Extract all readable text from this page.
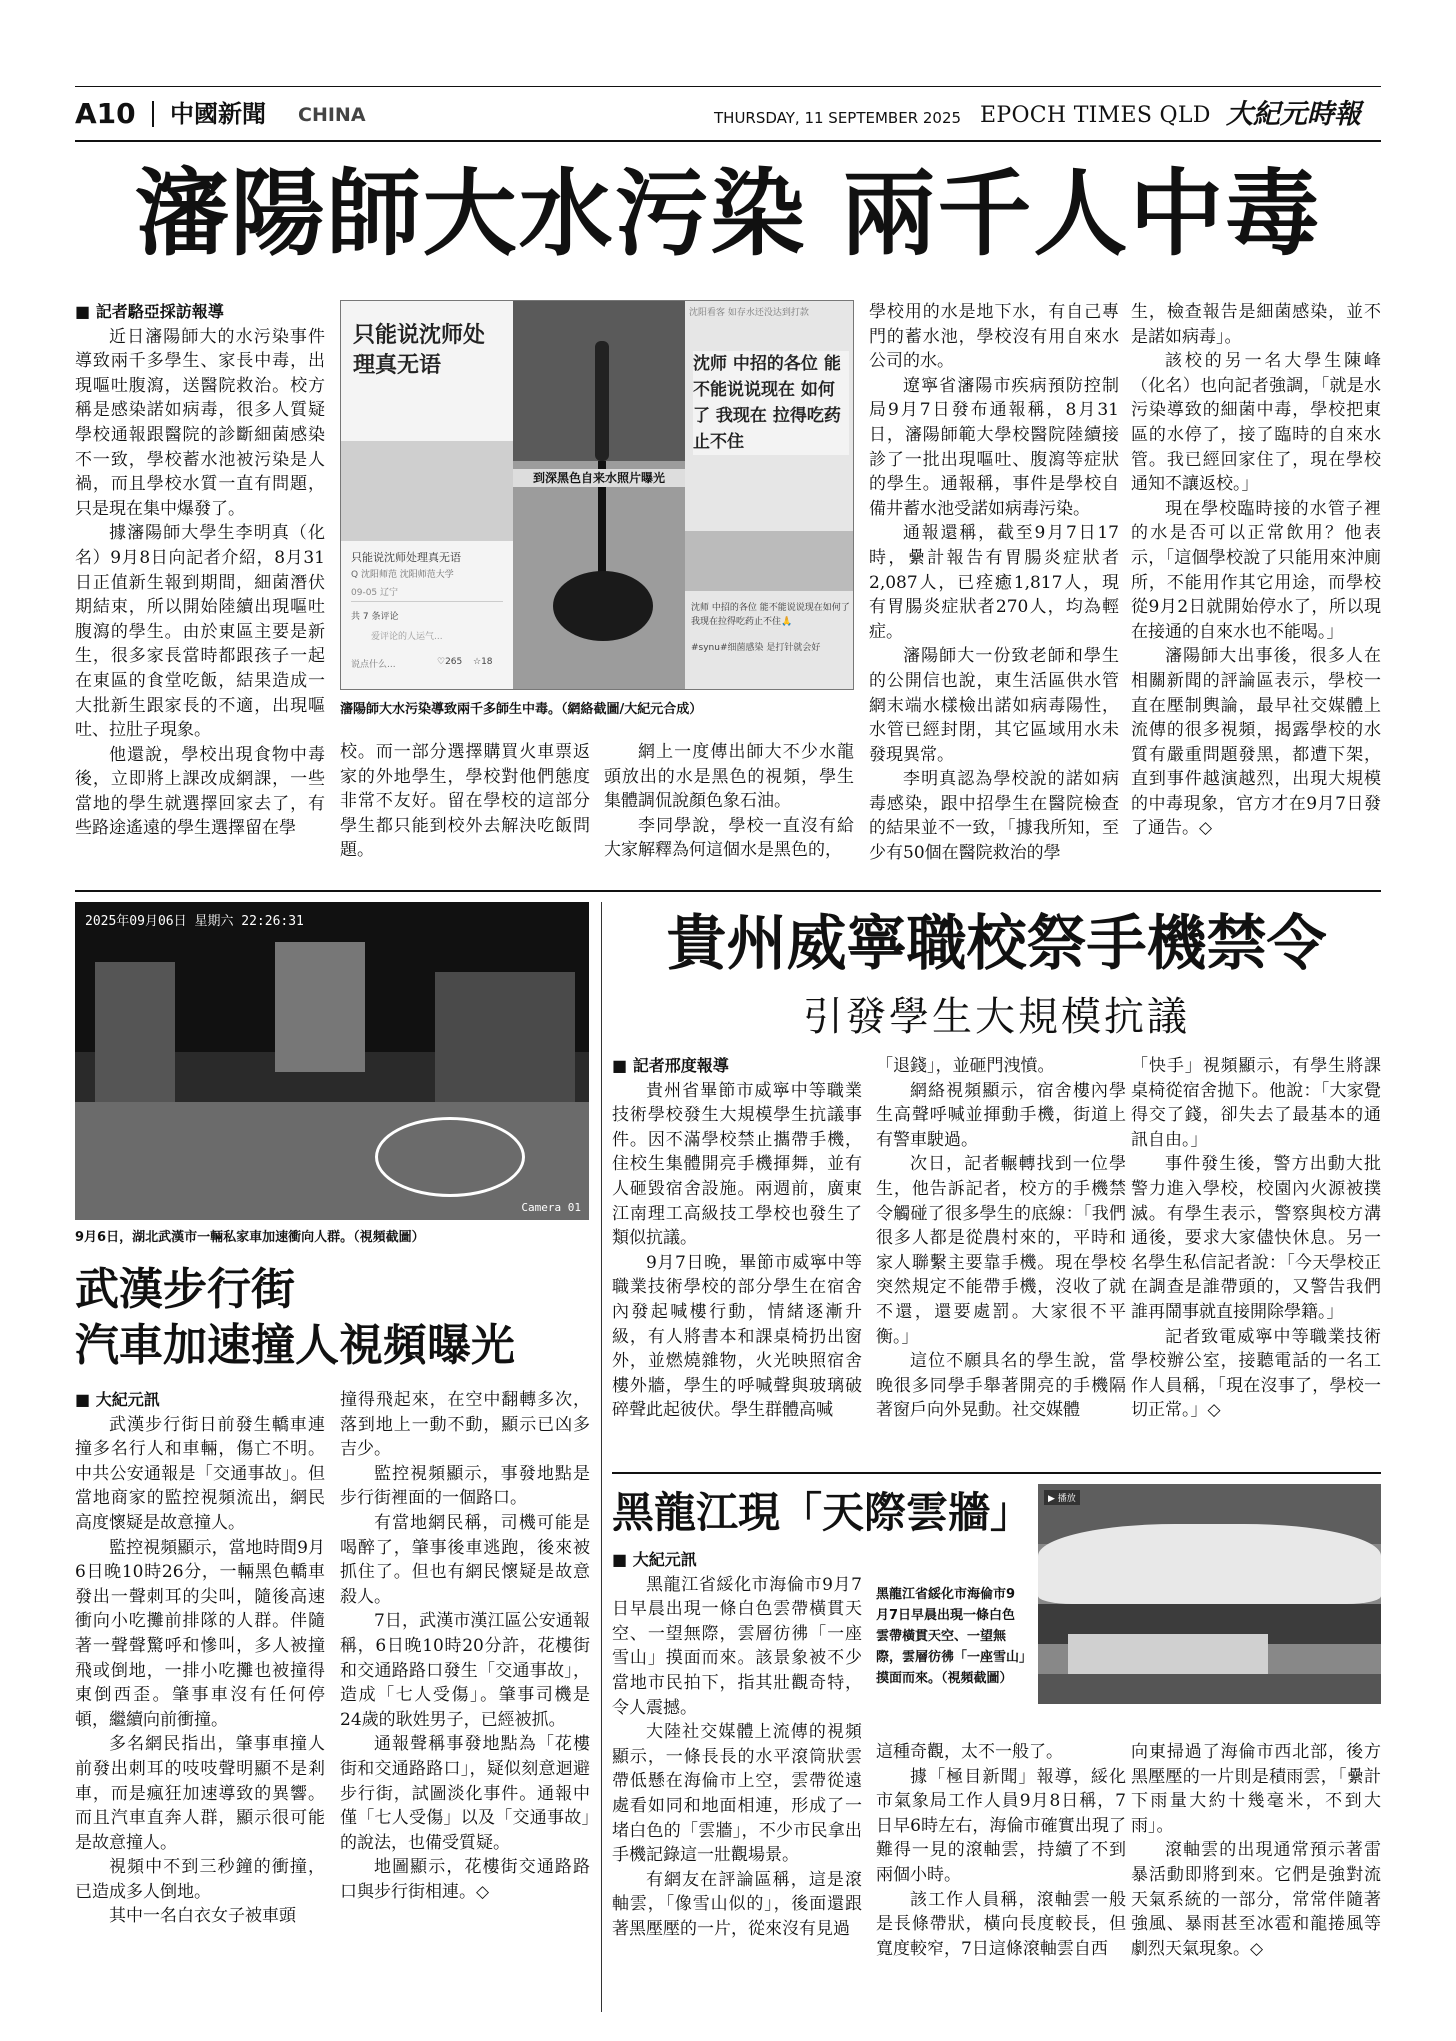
A10 中國新聞 CHINA	THURSDAY, 11 SEPTEMBER 2025 EPOCH TIMES QLD 大紀元時報
瀋陽師大水污染 兩千人中毒

■ 記者駱亞採訪報導

近日瀋陽師大的水污染事件導致兩千多學生、家長中毒，出現嘔吐腹瀉，送醫院救治。校方稱是感染諾如病毒，很多人質疑學校通報跟醫院的診斷細菌感染不一致，學校蓄水池被污染是人禍，而且學校水質一直有問題，只是現在集中爆發了。

據瀋陽師大學生李明真（化名）9月8日向記者介紹，8月31日正值新生報到期間，細菌潛伏期結束，所以開始陸續出現嘔吐腹瀉的學生。由於東區主要是新生，很多家長當時都跟孩子一起在東區的食堂吃飯，結果造成一大批新生跟家長的不適，出現嘔吐、拉肚子現象。

他還說，學校出現食物中毒後，立即將上課改成網課，一些當地的學生就選擇回家去了，有些路途遙遠的學生選擇留在學

只能说沈师处理真无语
只能说沈师处理真无语
Q 沈阳师范 沈阳师范大学
09-05 辽宁
共 7 条评论
爱评论的人运气...
说点什么...	♡265 ☆18
到深黑色自来水照片曝光
沈阳看客 如存水还没达到打款
沈师 中招的各位 能不能说说现在 如何了 我现在 拉得吃药止不住
沈师 中招的各位 能不能说说现在如何了 我现在拉得吃药止不住🙏
#synu#细菌感染 是打针就会好
瀋陽師大水污染導致兩千多師生中毒。（網絡截圖/大紀元合成）

校。而一部分選擇購買火車票返家的外地學生，學校對他們態度非常不友好。留在學校的這部分學生都只能到校外去解決吃飯問題。

網上一度傳出師大不少水龍頭放出的水是黑色的視頻，學生集體調侃說顏色象石油。

李同學說，學校一直沒有給大家解釋為何這個水是黑色的，

學校用的水是地下水，有自己專門的蓄水池，學校沒有用自來水公司的水。

遼寧省瀋陽市疾病預防控制局9月7日發布通報稱，8月31日，瀋陽師範大學校醫院陸續接診了一批出現嘔吐、腹瀉等症狀的學生。通報稱，事件是學校自備井蓄水池受諾如病毒污染。

通報還稱，截至9月7日17時，纍計報告有胃腸炎症狀者2,087人，已痊癒1,817人，現有胃腸炎症狀者270人，均為輕症。

瀋陽師大一份致老師和學生的公開信也說，東生活區供水管網末端水樣檢出諾如病毒陽性，水管已經封閉，其它區域用水未發現異常。

李明真認為學校說的諾如病毒感染，跟中招學生在醫院檢查的結果並不一致，「據我所知，至少有50個在醫院救治的學

生，檢查報告是細菌感染，並不是諾如病毒」。

該校的另一名大學生陳峰（化名）也向記者強調，「就是水污染導致的細菌中毒，學校把東區的水停了，接了臨時的自來水管。我已經回家住了，現在學校通知不讓返校。」

現在學校臨時接的水管子裡的水是否可以正常飲用？他表示，「這個學校說了只能用來沖廁所，不能用作其它用途，而學校從9月2日就開始停水了，所以現在接通的自來水也不能喝。」

瀋陽師大出事後，很多人在相關新聞的評論區表示，學校一直在壓制輿論，最早社交媒體上流傳的很多視頻，揭露學校的水質有嚴重問題發黑，都遭下架，直到事件越演越烈，出現大規模的中毒現象，官方才在9月7日發了通告。◇

2025年09月06日 星期六 22:26:31
Camera 01
9月6日，湖北武漢市一輛私家車加速衝向人群。（視頻截圖）
武漢步行街
汽車加速撞人視頻曝光

■ 大紀元訊

武漢步行街日前發生轎車連撞多名行人和車輛，傷亡不明。中共公安通報是「交通事故」。但當地商家的監控視頻流出，網民高度懷疑是故意撞人。

監控視頻顯示，當地時間9月6日晚10時26分，一輛黑色轎車發出一聲刺耳的尖叫，隨後高速衝向小吃攤前排隊的人群。伴隨著一聲聲驚呼和慘叫，多人被撞飛或倒地，一排小吃攤也被撞得東倒西歪。肇事車沒有任何停頓，繼續向前衝撞。

多名網民指出，肇事車撞人前發出刺耳的吱吱聲明顯不是剎車，而是瘋狂加速導致的異響。而且汽車直奔人群，顯示很可能是故意撞人。

視頻中不到三秒鐘的衝撞，已造成多人倒地。

其中一名白衣女子被車頭

撞得飛起來，在空中翻轉多次，落到地上一動不動，顯示已凶多吉少。

監控視頻顯示，事發地點是步行街裡面的一個路口。

有當地網民稱，司機可能是喝醉了，肇事後車逃跑，後來被抓住了。但也有網民懷疑是故意殺人。

7日，武漢市漢江區公安通報稱，6日晚10時20分許，花樓街和交通路路口發生「交通事故」，造成「七人受傷」。肇事司機是24歲的耿姓男子，已經被抓。

通報聲稱事發地點為「花樓街和交通路路口」，疑似刻意迴避步行街，試圖淡化事件。通報中僅「七人受傷」以及「交通事故」的說法，也備受質疑。

地圖顯示，花樓街交通路路口與步行街相連。◇

貴州威寧職校祭手機禁令
引發學生大規模抗議

■ 記者邢度報導

貴州省畢節市威寧中等職業技術學校發生大規模學生抗議事件。因不滿學校禁止攜帶手機，住校生集體開亮手機揮舞，並有人砸毀宿舍設施。兩週前，廣東江南理工高級技工學校也發生了類似抗議。

9月7日晚，畢節市威寧中等職業技術學校的部分學生在宿舍內發起喊樓行動，情緒逐漸升級，有人將書本和課桌椅扔出窗外，並燃燒雜物，火光映照宿舍樓外牆，學生的呼喊聲與玻璃破碎聲此起彼伏。學生群體高喊

「退錢」，並砸門洩憤。

網絡視頻顯示，宿舍樓內學生高聲呼喊並揮動手機，街道上有警車駛過。

次日，記者輾轉找到一位學生，他告訴記者，校方的手機禁令觸碰了很多學生的底線：「我們很多人都是從農村來的，平時和家人聯繫主要靠手機。現在學校突然規定不能帶手機，沒收了就不還，還要處罰。大家很不平衡。」

這位不願具名的學生說，當晚很多同學手舉著開亮的手機隔著窗戶向外晃動。社交媒體

「快手」視頻顯示，有學生將課桌椅從宿舍拋下。他說：「大家覺得交了錢，卻失去了最基本的通訊自由。」

事件發生後，警方出動大批警力進入學校，校園內火源被撲滅。有學生表示，警察與校方溝通後，要求大家儘快休息。另一名學生私信記者說：「今天學校正在調查是誰帶頭的，又警告我們誰再鬧事就直接開除學籍。」

記者致電威寧中等職業技術學校辦公室，接聽電話的一名工作人員稱，「現在沒事了，學校一切正常。」◇

黑龍江現「天際雲牆」	▶ 播放
黑龍江省綏化市海倫市9月7日早晨出現一條白色雲帶橫貫天空、一望無際，雲層彷彿「一座雪山」摸面而來。（視頻截圖）

■ 大紀元訊

黑龍江省綏化市海倫市9月7日早晨出現一條白色雲帶橫貫天空、一望無際，雲層彷彿「一座雪山」摸面而來。該景象被不少當地市民拍下，指其壯觀奇特，令人震撼。

大陸社交媒體上流傳的視頻顯示，一條長長的水平滾筒狀雲帶低懸在海倫市上空，雲帶從遠處看如同和地面相連，形成了一堵白色的「雲牆」，不少市民拿出手機記錄這一壯觀場景。

有網友在評論區稱，這是滾軸雲，「像雪山似的」，後面還跟著黑壓壓的一片，從來沒有見過

這種奇觀，太不一般了。

據「極目新聞」報導，綏化市氣象局工作人員9月8日稱，7日早6時左右，海倫市確實出現了難得一見的滾軸雲，持續了不到兩個小時。

該工作人員稱，滾軸雲一般是長條帶狀，橫向長度較長，但寬度較窄，7日這條滾軸雲自西

向東掃過了海倫市西北部，後方黑壓壓的一片則是積雨雲，「纍計下雨量大約十幾毫米，不到大雨」。

滾軸雲的出現通常預示著雷暴活動即將到來。它們是強對流天氣系統的一部分，常常伴隨著強風、暴雨甚至冰雹和龍捲風等劇烈天氣現象。◇
